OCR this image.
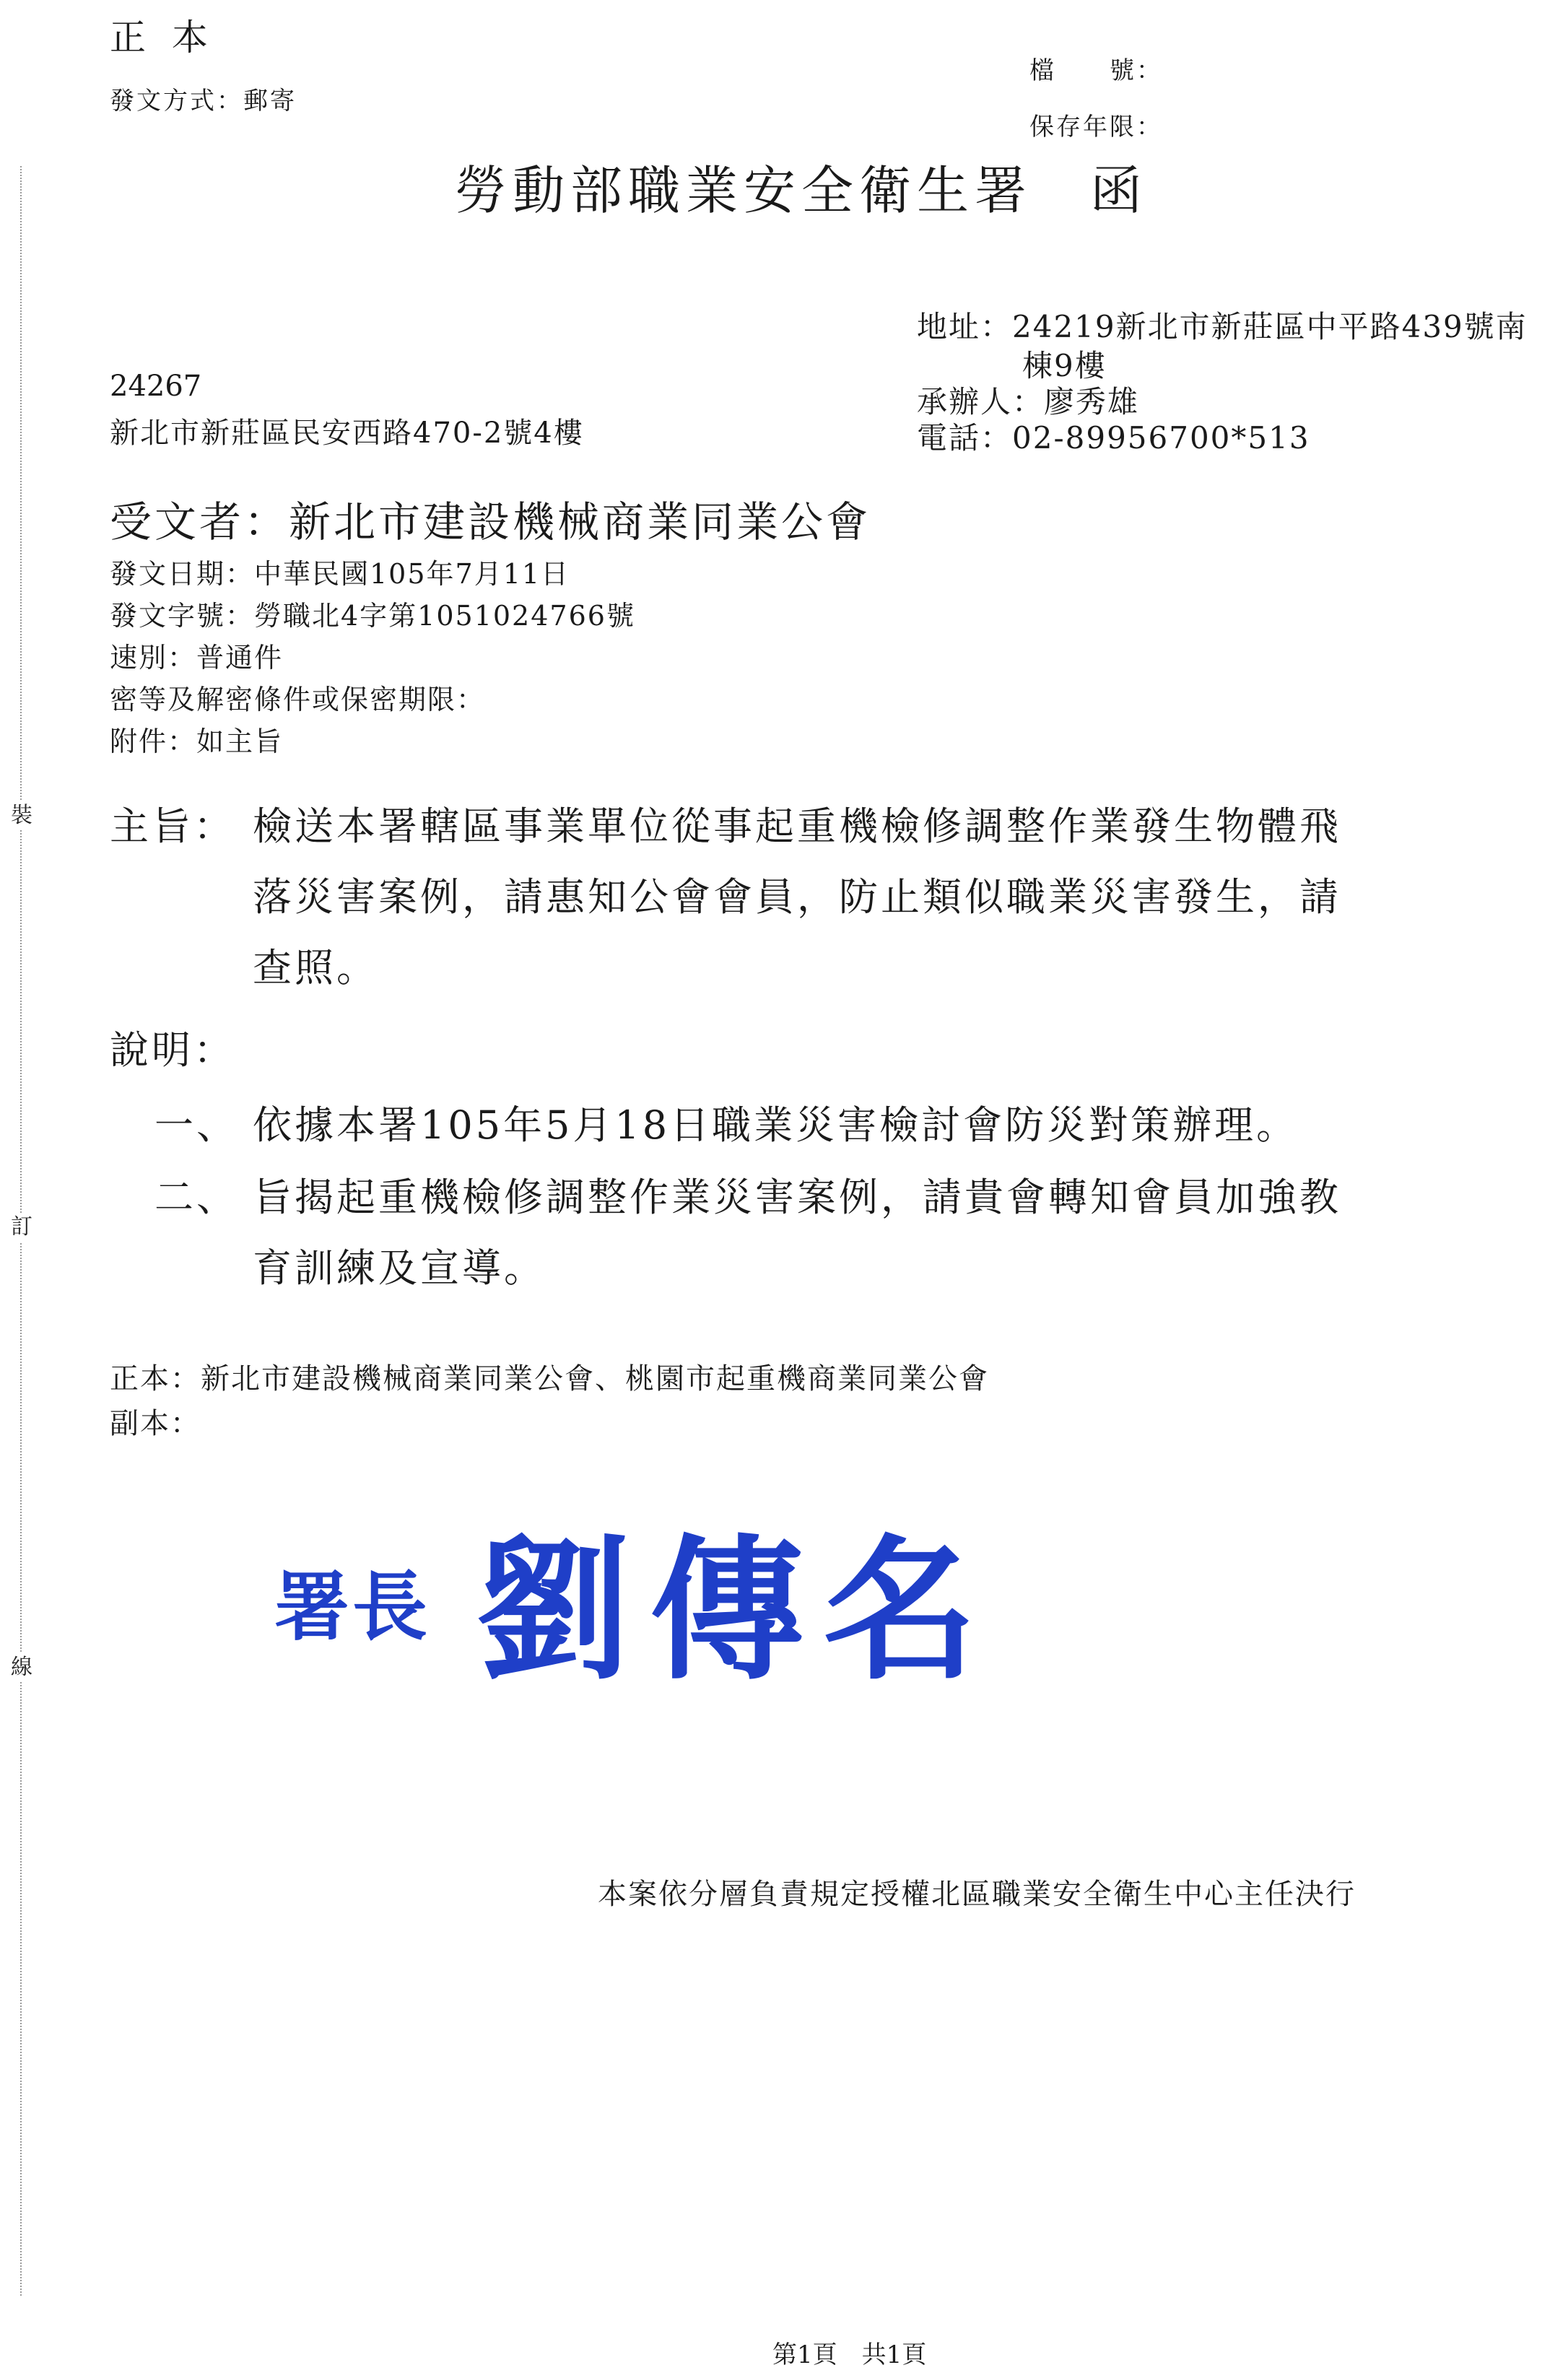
裝
訂
線
正 本
發文方式：郵寄
檔　　號：
保存年限：
勞動部職業安全衛生署　函
地址：24219新北市新莊區中平路439號南
棟9樓
承辦人：廖秀雄
電話：02-89956700*513
24267
新北市新莊區民安西路470-2號4樓
受文者：新北市建設機械商業同業公會
發文日期：中華民國105年7月11日
發文字號：勞職北4字第1051024766號
速別：普通件
密等及解密條件或保密期限：
附件：如主旨
主旨： 檢送本署轄區事業單位從事起重機檢修調整作業發生物體飛
落災害案例，請惠知公會會員，防止類似職業災害發生，請
查照。
說明：
一、 依據本署105年5月18日職業災害檢討會防災對策辦理。
二、 旨揭起重機檢修調整作業災害案例，請貴會轉知會員加強教
育訓練及宣導。
正本：新北市建設機械商業同業公會、桃園市起重機商業同業公會
副本：
署長 劉傳名
本案依分層負責規定授權北區職業安全衛生中心主任決行
第1頁　共1頁
